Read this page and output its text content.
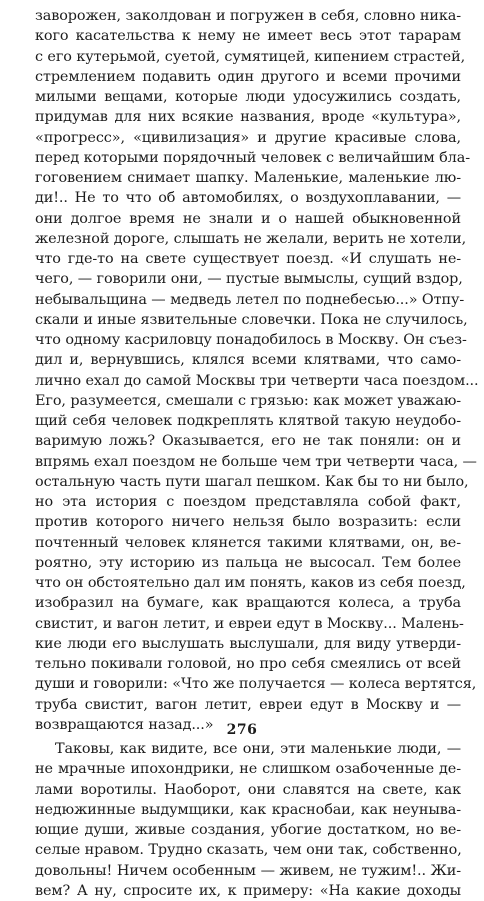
заворожен, заколдован и погружен в себя, словно ника-
кого касательства к нему не имеет весь этот тарарам
с его кутерьмой, суетой, сумятицей, кипением страстей,
стремлением подавить один другого и всеми прочими
милыми вещами, которые люди удосужились создать,
придумав для них всякие названия, вроде «культура»,
«прогресс», «цивилизация» и другие красивые слова,
перед которыми порядочный человек с величайшим бла-
гоговением снимает шапку. Маленькие, маленькие лю-
ди!.. Не то что об автомобилях, о воздухоплавании, —
они долгое время не знали и о нашей обыкновенной
железной дороге, слышать не желали, верить не хотели,
что где-то на свете существует поезд. «И слушать не-
чего, — говорили они, — пустые вымыслы, сущий вздор,
небывальщина — медведь летел по поднебесью...» Отпу-
скали и иные язвительные словечки. Пока не случилось,
что одному касриловцу понадобилось в Москву. Он съез-
дил и, вернувшись, клялся всеми клятвами, что само-
лично ехал до самой Москвы три четверти часа поездом...
Его, разумеется, смешали с грязью: как может уважаю-
щий себя человек подкреплять клятвой такую неудобо-
варимую ложь? Оказывается, его не так поняли: он и
впрямь ехал поездом не больше чем три четверти часа, —
остальную часть пути шагал пешком. Как бы то ни было,
но эта история с поездом представляла собой факт,
против которого ничего нельзя было возразить: если
почтенный человек клянется такими клятвами, он, ве-
роятно, эту историю из пальца не высосал. Тем более
что он обстоятельно дал им понять, каков из себя поезд,
изобразил на бумаге, как вращаются колеса, а труба
свистит, и вагон летит, и евреи едут в Москву... Малень-
кие люди его выслушать выслушали, для виду утверди-
тельно покивали головой, но про себя смеялись от всей
души и говорили: «Что же получается — колеса вертятся,
труба свистит, вагон летит, евреи едут в Москву и —
возвращаются назад...»
Таковы, как видите, все они, эти маленькие люди, —
не мрачные ипохондрики, не слишком озабоченные де-
лами воротилы. Наоборот, они славятся на свете, как
недюжинные выдумщики, как краснобаи, как неуныва-
ющие души, живые создания, убогие достатком, но ве-
селые нравом. Трудно сказать, чем они так, собственно,
довольны! Ничем особенным — живем, не тужим!.. Жи-
вем? А ну, спросите их, к примеру: «На какие доходы
276
